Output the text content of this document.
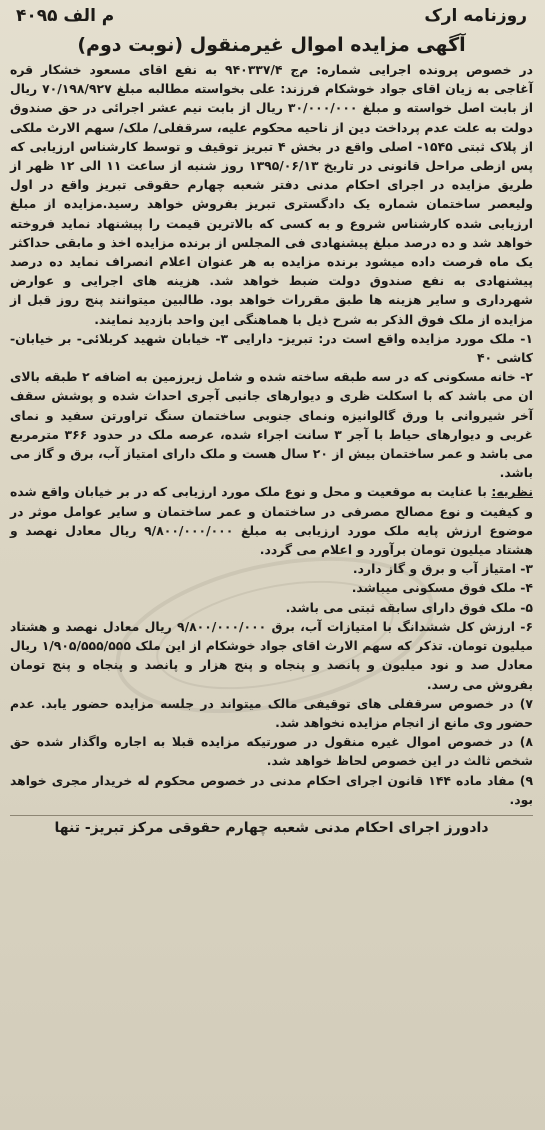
روزنامه ارک
م الف ۴۰۹۵
آگهی مزایده اموال غیرمنقول (نوبت دوم)

در خصوص پرونده اجرایی شماره: م‌ج ۹۴۰۳۳۷/۴ به نفع اقای مسعود خشکار قره آغاجی به زیان اقای جواد خوشکام فرزند: علی بخواسته مطالبه مبلغ ۷۰/۱۹۸/۹۲۷ ریال از بابت اصل خواسته و مبلغ ۳۰/۰۰۰/۰۰۰ ریال از بابت نیم عشر اجرائی در حق صندوق دولت به علت عدم پرداخت دین از ناحیه محکوم علیه، سرقفلی/ ملک/ سهم الارث ملکی از پلاک ثبتی ۱۵۴۵- اصلی واقع در بخش ۴ تبریز توقیف و توسط کارشناس ارزیابی که پس ازطی مراحل قانونی در تاریخ ۱۳۹۵/۰۶/۱۳ روز شنبه از ساعت ۱۱ الی ۱۲ ظهر از طریق مزایده در اجرای احکام مدنی دفتر شعبه چهارم حقوقی تبریز واقع در اول ولیعصر ساختمان شماره یک دادگستری تبریز بفروش خواهد رسید.مزایده از مبلغ ارزیابی شده کارشناس شروع و به کسی که بالاترین قیمت را پیشنهاد نماید فروخته خواهد شد و ده درصد مبلغ پیشنهادی فی المجلس از برنده مزایده اخذ و مابقی حداکثر یک ماه فرصت داده میشود برنده مزایده به هر عنوان اعلام انصراف نماید ده درصد پیشنهادی به نفع صندوق دولت ضبط خواهد شد. هزینه های اجرایی و عوارض شهرداری و سایر هزینه ها طبق مقررات خواهد بود. طالبین میتوانند پنج روز قبل از مزایده از ملک فوق الذکر به شرح ذیل با هماهنگی این واحد بازدید نمایند.

۱- ملک مورد مزایده واقع است در: تبریز- دارایی ۳- خیابان شهید کربلائی- بر خیابان- کاشی ۴۰
۲- خانه مسکونی که در سه طبقه ساخته شده و شامل زیرزمین به اضافه ۲ طبقه بالای ان می باشد که با اسکلت ظری و دیوارهای جانبی آجری احداث شده و پوشش سقف آخر شیروانی با ورق گالوانیزه ونمای جنوبی ساختمان سنگ تراورتن سفید و نمای غربی و دیوارهای حیاط با آجر ۳ سانت اجراء شده، عرصه ملک در حدود ۳۶۶ مترمربع می باشد و عمر ساختمان بیش از ۲۰ سال هست و ملک دارای امتیاز آب، برق و گاز می باشد.

نظریه: با عنایت به موقعیت و محل و نوع ملک مورد ارزیابی که در بر خیابان واقع شده و کیفیت و نوع مصالح مصرفی در ساختمان و عمر ساختمان و سایر عوامل موثر در موضوع ارزش پایه ملک مورد ارزیابی به مبلغ ۹/۸۰۰/۰۰۰/۰۰۰ ریال معادل نهصد و هشتاد میلیون تومان برآورد و اعلام می گردد.

۳- امتیاز آب و برق و گاز دارد.
۴- ملک فوق مسکونی میباشد.
۵- ملک فوق دارای سابقه ثبتی می باشد.
۶- ارزش کل ششدانگ با امتیازات آب، برق ۹/۸۰۰/۰۰۰/۰۰۰ ریال معادل نهصد و هشتاد میلیون تومان. تذکر که سهم الارث اقای جواد خوشکام از این ملک ۱/۹۰۵/۵۵۵/۵۵۵ ریال معادل صد و نود میلیون و پانصد و پنجاه و پنج هزار و پانصد و پنجاه و پنج تومان بفروش می رسد.
۷) در خصوص سرقفلی های توقیفی مالک میتواند در جلسه مزایده حضور یابد. عدم حضور وی مانع از انجام مزایده نخواهد شد.
۸) در خصوص اموال غیره منقول در صورتیکه مزایده قبلا به اجاره واگذار شده حق شخص ثالث در این خصوص لحاظ خواهد شد.
۹) مفاد ماده ۱۴۴ قانون اجرای احکام مدنی در خصوص محکوم له خریدار مجری خواهد بود.
دادورز اجرای احکام مدنی شعبه چهارم حقوقی مرکز تبریز- تنها
